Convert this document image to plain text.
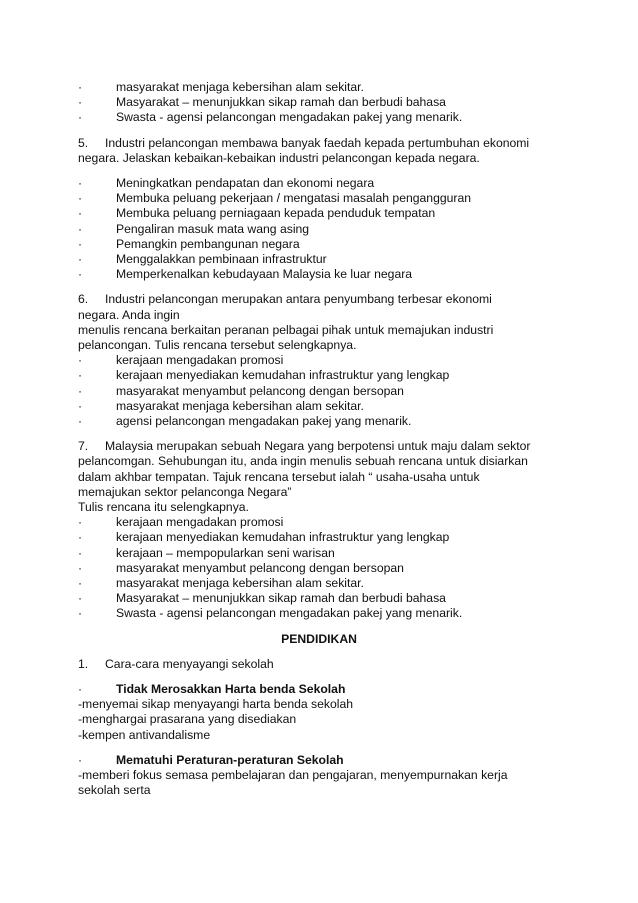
·	masyarakat menjaga kebersihan alam sekitar.
·	Masyarakat – menunjukkan sikap ramah dan berbudi bahasa
·	Swasta - agensi pelancongan mengadakan pakej yang menarik.
5. Industri pelancongan membawa banyak faedah kepada pertumbuhan ekonomi
negara. Jelaskan kebaikan-kebaikan industri pelancongan kepada negara.
·	Meningkatkan pendapatan dan ekonomi negara
·	Membuka peluang pekerjaan / mengatasi masalah pengangguran
·	Membuka peluang perniagaan kepada penduduk tempatan
·	Pengaliran masuk mata wang asing
·	Pemangkin pembangunan negara
·	Menggalakkan pembinaan infrastruktur
·	Memperkenalkan kebudayaan Malaysia ke luar negara
6. Industri pelancongan merupakan antara penyumbang terbesar ekonomi
negara. Anda ingin
menulis rencana berkaitan peranan pelbagai pihak untuk memajukan industri
pelancongan. Tulis rencana tersebut selengkapnya.
·	kerajaan mengadakan promosi
·	kerajaan menyediakan kemudahan infrastruktur yang lengkap
·	masyarakat menyambut pelancong dengan bersopan
·	masyarakat menjaga kebersihan alam sekitar.
·	agensi pelancongan mengadakan pakej yang menarik.
7. Malaysia merupakan sebuah Negara yang berpotensi untuk maju dalam sektor
pelancomgan. Sehubungan itu, anda ingin menulis sebuah rencana untuk disiarkan
dalam akhbar tempatan. Tajuk rencana tersebut ialah “ usaha-usaha untuk
memajukan sektor pelanconga Negara”
Tulis rencana itu selengkapnya.
·	kerajaan mengadakan promosi
·	kerajaan menyediakan kemudahan infrastruktur yang lengkap
·	kerajaan – mempopularkan seni warisan
·	masyarakat menyambut pelancong dengan bersopan
·	masyarakat menjaga kebersihan alam sekitar.
·	Masyarakat – menunjukkan sikap ramah dan berbudi bahasa
·	Swasta - agensi pelancongan mengadakan pakej yang menarik.
PENDIDIKAN
1. Cara-cara menyayangi sekolah
·	Tidak Merosakkan Harta benda Sekolah
-menyemai sikap menyayangi harta benda sekolah
-menghargai prasarana yang disediakan
-kempen antivandalisme
·	Mematuhi Peraturan-peraturan Sekolah
-memberi fokus semasa pembelajaran dan pengajaran, menyempurnakan kerja
sekolah serta
